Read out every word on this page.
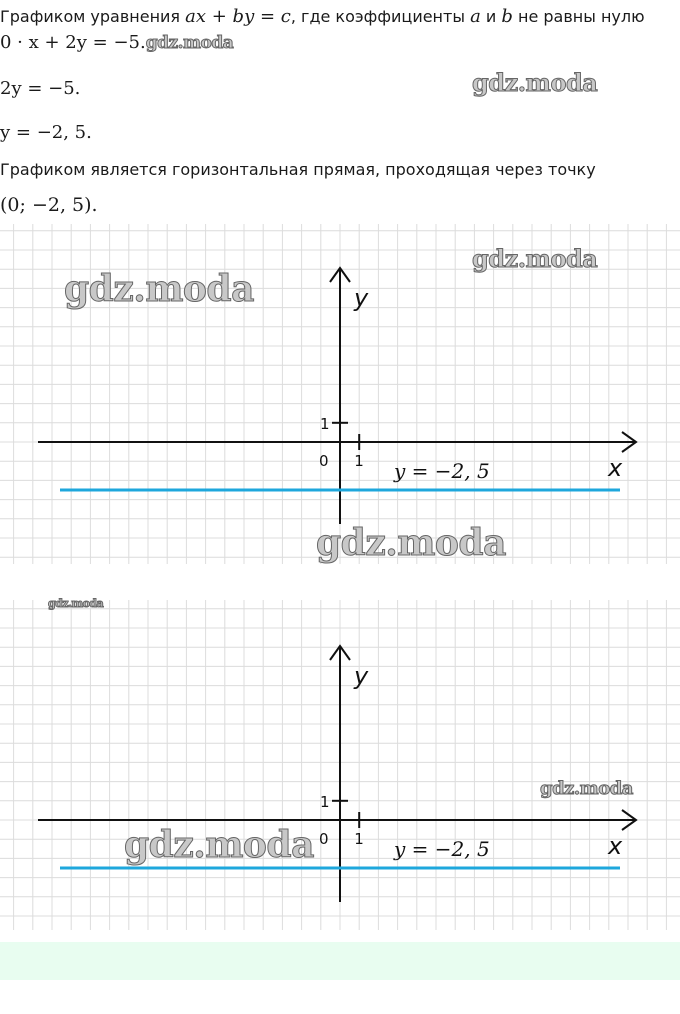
Графиком уравнения ax + by = c, где коэффициенты a и b не равны нулю
0 · x + 2y = −5.gdz.moda
2y = −5.	gdz.moda
y = −2, 5.
Графиком является горизонтальная прямая, проходящая через точку
(0; −2, 5).
1
0 1
y
x
y = −2, 5
gdz.moda
gdz.moda
gdz.moda
1
0 1
y
x
y = −2, 5
gdz.moda
gdz.moda
gdz.moda
